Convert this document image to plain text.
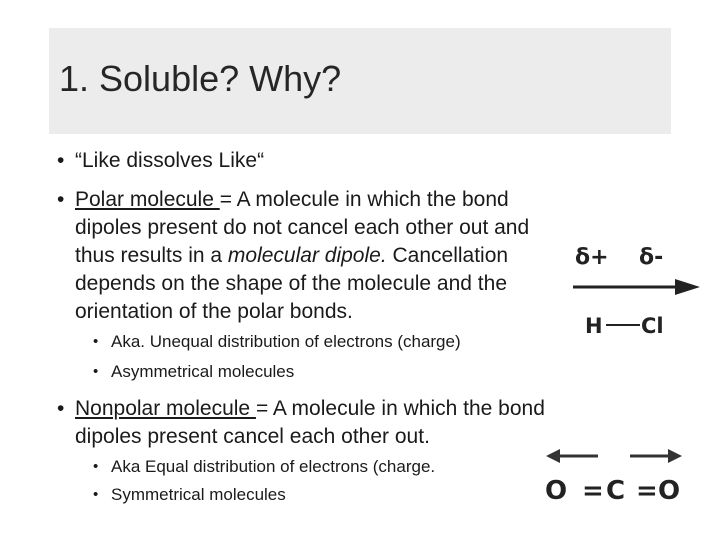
1. Soluble? Why?
• “Like dissolves Like“
• Polar molecule = A molecule in which the bond
dipoles present do not cancel each other out and
thus results in a molecular dipole. Cancellation
depends on the shape of the molecule and the
orientation of the polar bonds.
• Aka. Unequal distribution of electrons (charge)
• Asymmetrical molecules
• Nonpolar molecule = A molecule in which the bond
dipoles present cancel each other out.
• Aka Equal distribution of electrons (charge.
• Symmetrical molecules
δ+ δ-
H Cl
O = C = O
